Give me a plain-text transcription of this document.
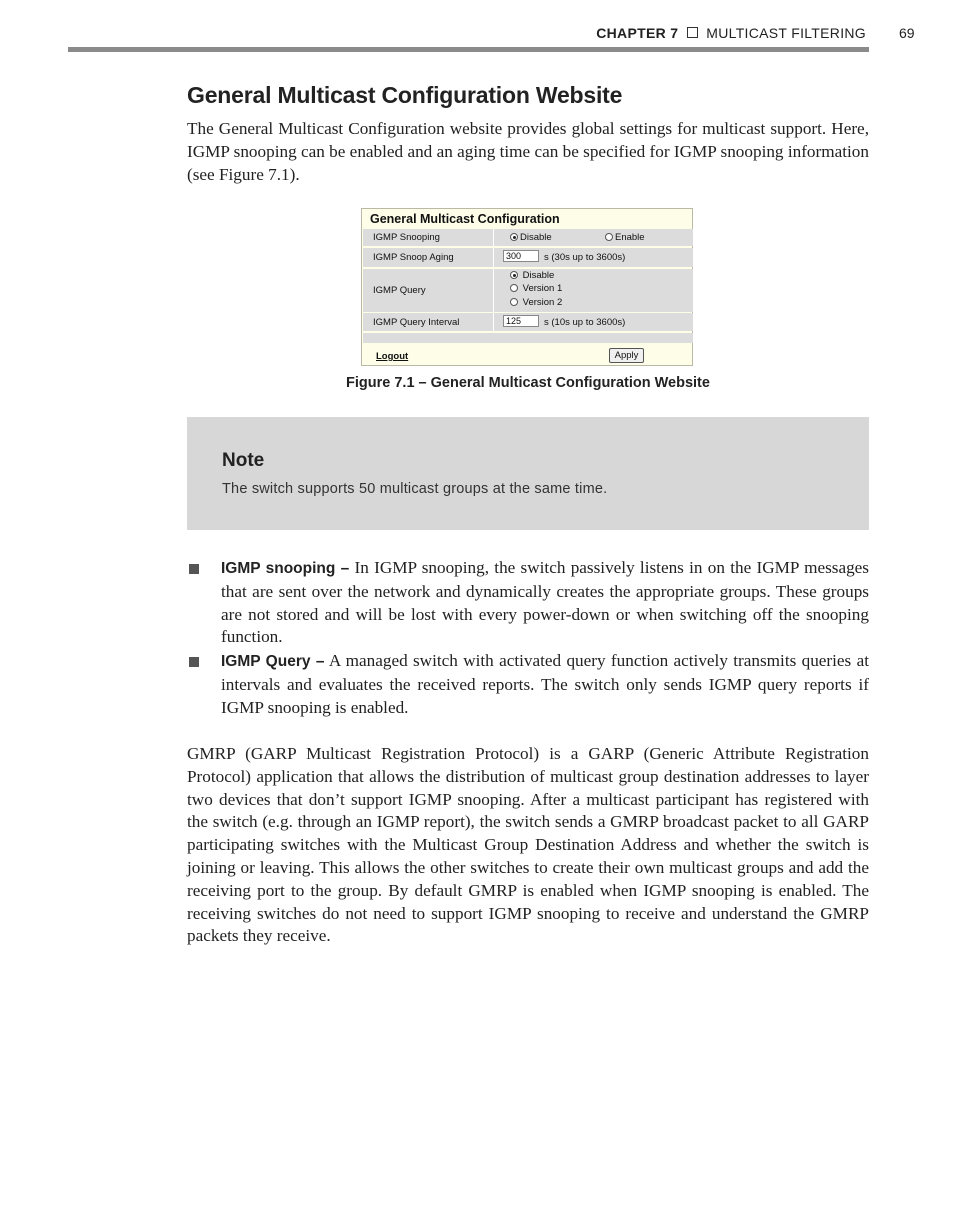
CHAPTER 7 MULTICAST FILTERING 69
General Multicast Configuration Website

The General Multicast Configuration website provides global settings for multicast support. Here, IGMP snooping can be enabled and an aging time can be specified for IGMP snooping information (see Figure 7.1).

General Multicast Configuration
IGMP Snooping	Disable	Enable
IGMP Snoop Aging	300	s (30s up to 3600s)
IGMP Query
Disable
Version 1
Version 2
IGMP Query Interval	125	s (10s up to 3600s)
Logout	Apply
Figure 7.1 – General Multicast Configuration Website
Note
The switch supports 50 multicast groups at the same time.
IGMP snooping – In IGMP snooping, the switch passively listens in on the IGMP messages that are sent over the network and dynamically creates the appropriate groups. These groups are not stored and will be lost with every power-down or when switching off the snooping function.
IGMP Query – A managed switch with activated query function actively transmits queries at intervals and evaluates the received reports. The switch only sends IGMP query reports if IGMP snooping is enabled.

GMRP (GARP Multicast Registration Protocol) is a GARP (Generic Attribute Registration Protocol) application that allows the distribution of multicast group destination addresses to layer two devices that don’t support IGMP snooping. After a multicast participant has registered with the switch (e.g. through an IGMP report), the switch sends a GMRP broadcast packet to all GARP participating switches with the Multicast Group Destination Address and whether the switch is joining or leaving. This allows the other switches to create their own multicast groups and add the receiving port to the group. By default GMRP is enabled when IGMP snooping is enabled. The receiving switches do not need to support IGMP snooping to receive and understand the GMRP packets they receive.
